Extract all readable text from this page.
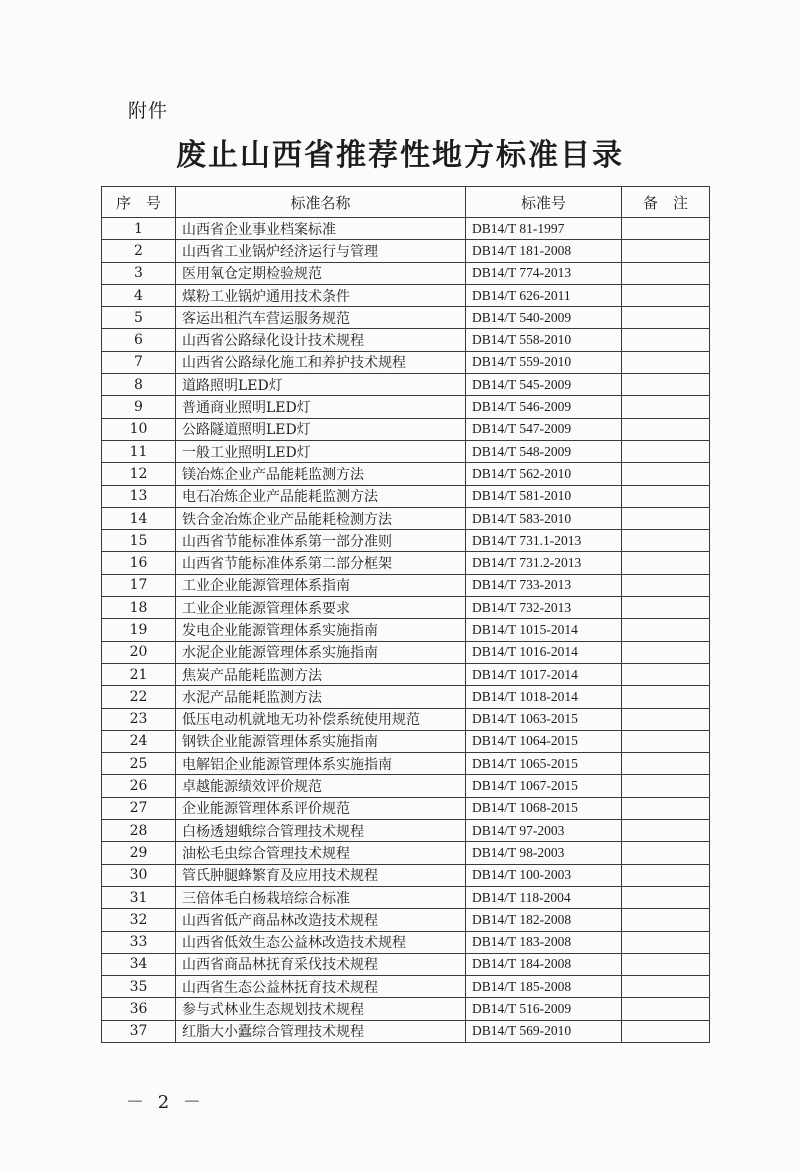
附件
废止山西省推荐性地方标准目录
序　号	标准名称	标准号	备　注
1	山西省企业事业档案标准	DB14/T 81-1997	
2	山西省工业锅炉经济运行与管理	DB14/T 181-2008	
3	医用氧仓定期检验规范	DB14/T 774-2013	
4	煤粉工业锅炉通用技术条件	DB14/T 626-2011	
5	客运出租汽车营运服务规范	DB14/T 540-2009	
6	山西省公路绿化设计技术规程	DB14/T 558-2010	
7	山西省公路绿化施工和养护技术规程	DB14/T 559-2010	
8	道路照明LED灯	DB14/T 545-2009	
9	普通商业照明LED灯	DB14/T 546-2009	
10	公路隧道照明LED灯	DB14/T 547-2009	
11	一般工业照明LED灯	DB14/T 548-2009	
12	镁冶炼企业产品能耗监测方法	DB14/T 562-2010	
13	电石冶炼企业产品能耗监测方法	DB14/T 581-2010	
14	铁合金冶炼企业产品能耗检测方法	DB14/T 583-2010	
15	山西省节能标准体系第一部分准则	DB14/T 731.1-2013	
16	山西省节能标准体系第二部分框架	DB14/T 731.2-2013	
17	工业企业能源管理体系指南	DB14/T 733-2013	
18	工业企业能源管理体系要求	DB14/T 732-2013	
19	发电企业能源管理体系实施指南	DB14/T 1015-2014	
20	水泥企业能源管理体系实施指南	DB14/T 1016-2014	
21	焦炭产品能耗监测方法	DB14/T 1017-2014	
22	水泥产品能耗监测方法	DB14/T 1018-2014	
23	低压电动机就地无功补偿系统使用规范	DB14/T 1063-2015	
24	钢铁企业能源管理体系实施指南	DB14/T 1064-2015	
25	电解铝企业能源管理体系实施指南	DB14/T 1065-2015	
26	卓越能源绩效评价规范	DB14/T 1067-2015	
27	企业能源管理体系评价规范	DB14/T 1068-2015	
28	白杨透翅蛾综合管理技术规程	DB14/T 97-2003	
29	油松毛虫综合管理技术规程	DB14/T 98-2003	
30	管氏肿腿蜂繁育及应用技术规程	DB14/T 100-2003	
31	三倍体毛白杨栽培综合标准	DB14/T 118-2004	
32	山西省低产商品林改造技术规程	DB14/T 182-2008	
33	山西省低效生态公益林改造技术规程	DB14/T 183-2008	
34	山西省商品林抚育采伐技术规程	DB14/T 184-2008	
35	山西省生态公益林抚育技术规程	DB14/T 185-2008	
36	参与式林业生态规划技术规程	DB14/T 516-2009	
37	红脂大小蠹综合管理技术规程	DB14/T 569-2010	
－ 2 －
